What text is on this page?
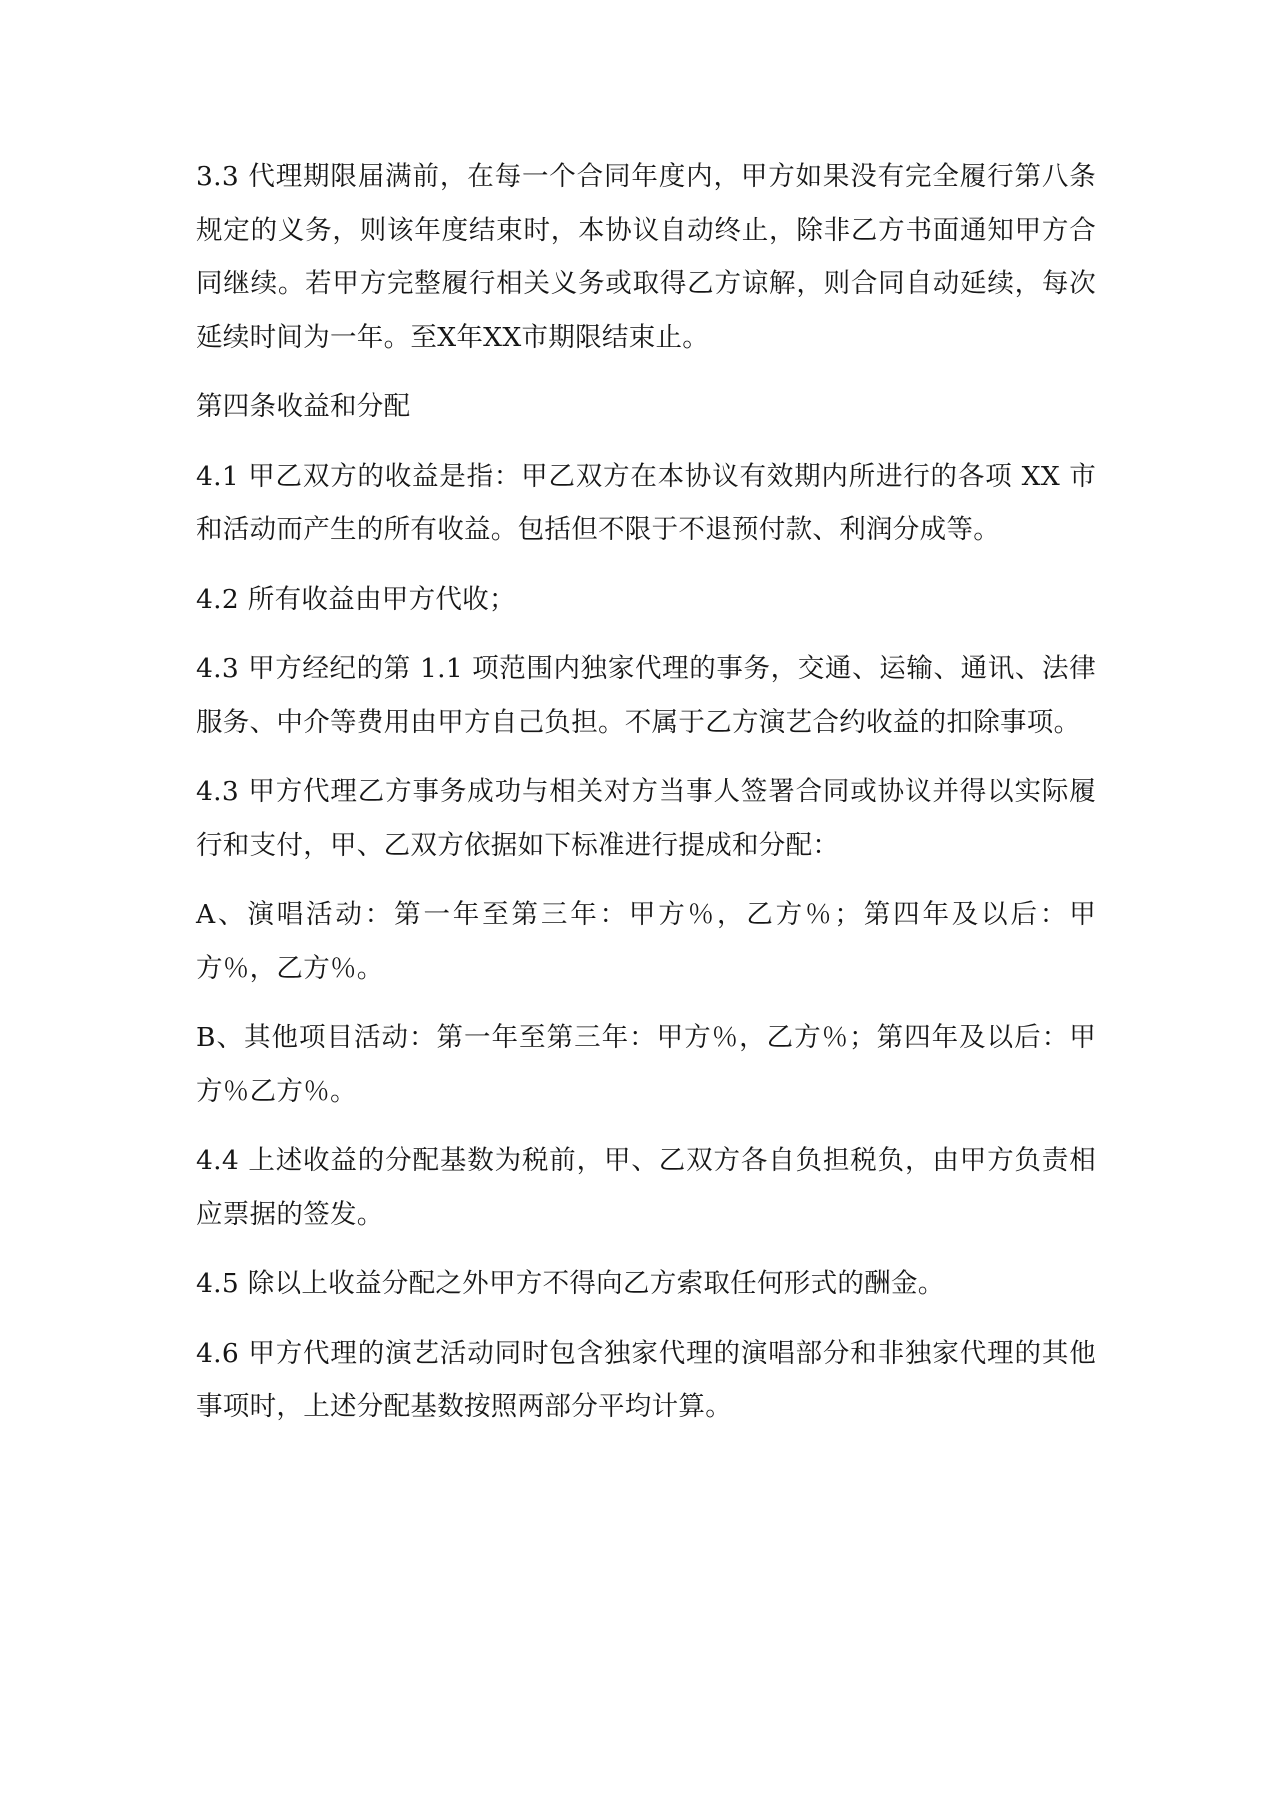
3.3 代理期限届满前，在每一个合同年度内，甲方如果没有完全履行第八条规定的义务，则该年度结束时，本协议自动终止，除非乙方书面通知甲方合同继续。若甲方完整履行相关义务或取得乙方谅解，则合同自动延续，每次延续时间为一年。至X年XX市期限结束止。

第四条收益和分配

4.1 甲乙双方的收益是指：甲乙双方在本协议有效期内所进行的各项 XX 市和活动而产生的所有收益。包括但不限于不退预付款、利润分成等。

4.2 所有收益由甲方代收；

4.3 甲方经纪的第 1.1 项范围内独家代理的事务，交通、运输、通讯、法律服务、中介等费用由甲方自己负担。不属于乙方演艺合约收益的扣除事项。

4.3 甲方代理乙方事务成功与相关对方当事人签署合同或协议并得以实际履行和支付，甲、乙双方依据如下标准进行提成和分配：

A、演唱活动：第一年至第三年：甲方％，乙方％；第四年及以后：甲方％，乙方％。

B、其他项目活动：第一年至第三年：甲方％，乙方％；第四年及以后：甲方％乙方％。

4.4 上述收益的分配基数为税前，甲、乙双方各自负担税负，由甲方负责相应票据的签发。

4.5 除以上收益分配之外甲方不得向乙方索取任何形式的酬金。

4.6 甲方代理的演艺活动同时包含独家代理的演唱部分和非独家代理的其他事项时，上述分配基数按照两部分平均计算。
